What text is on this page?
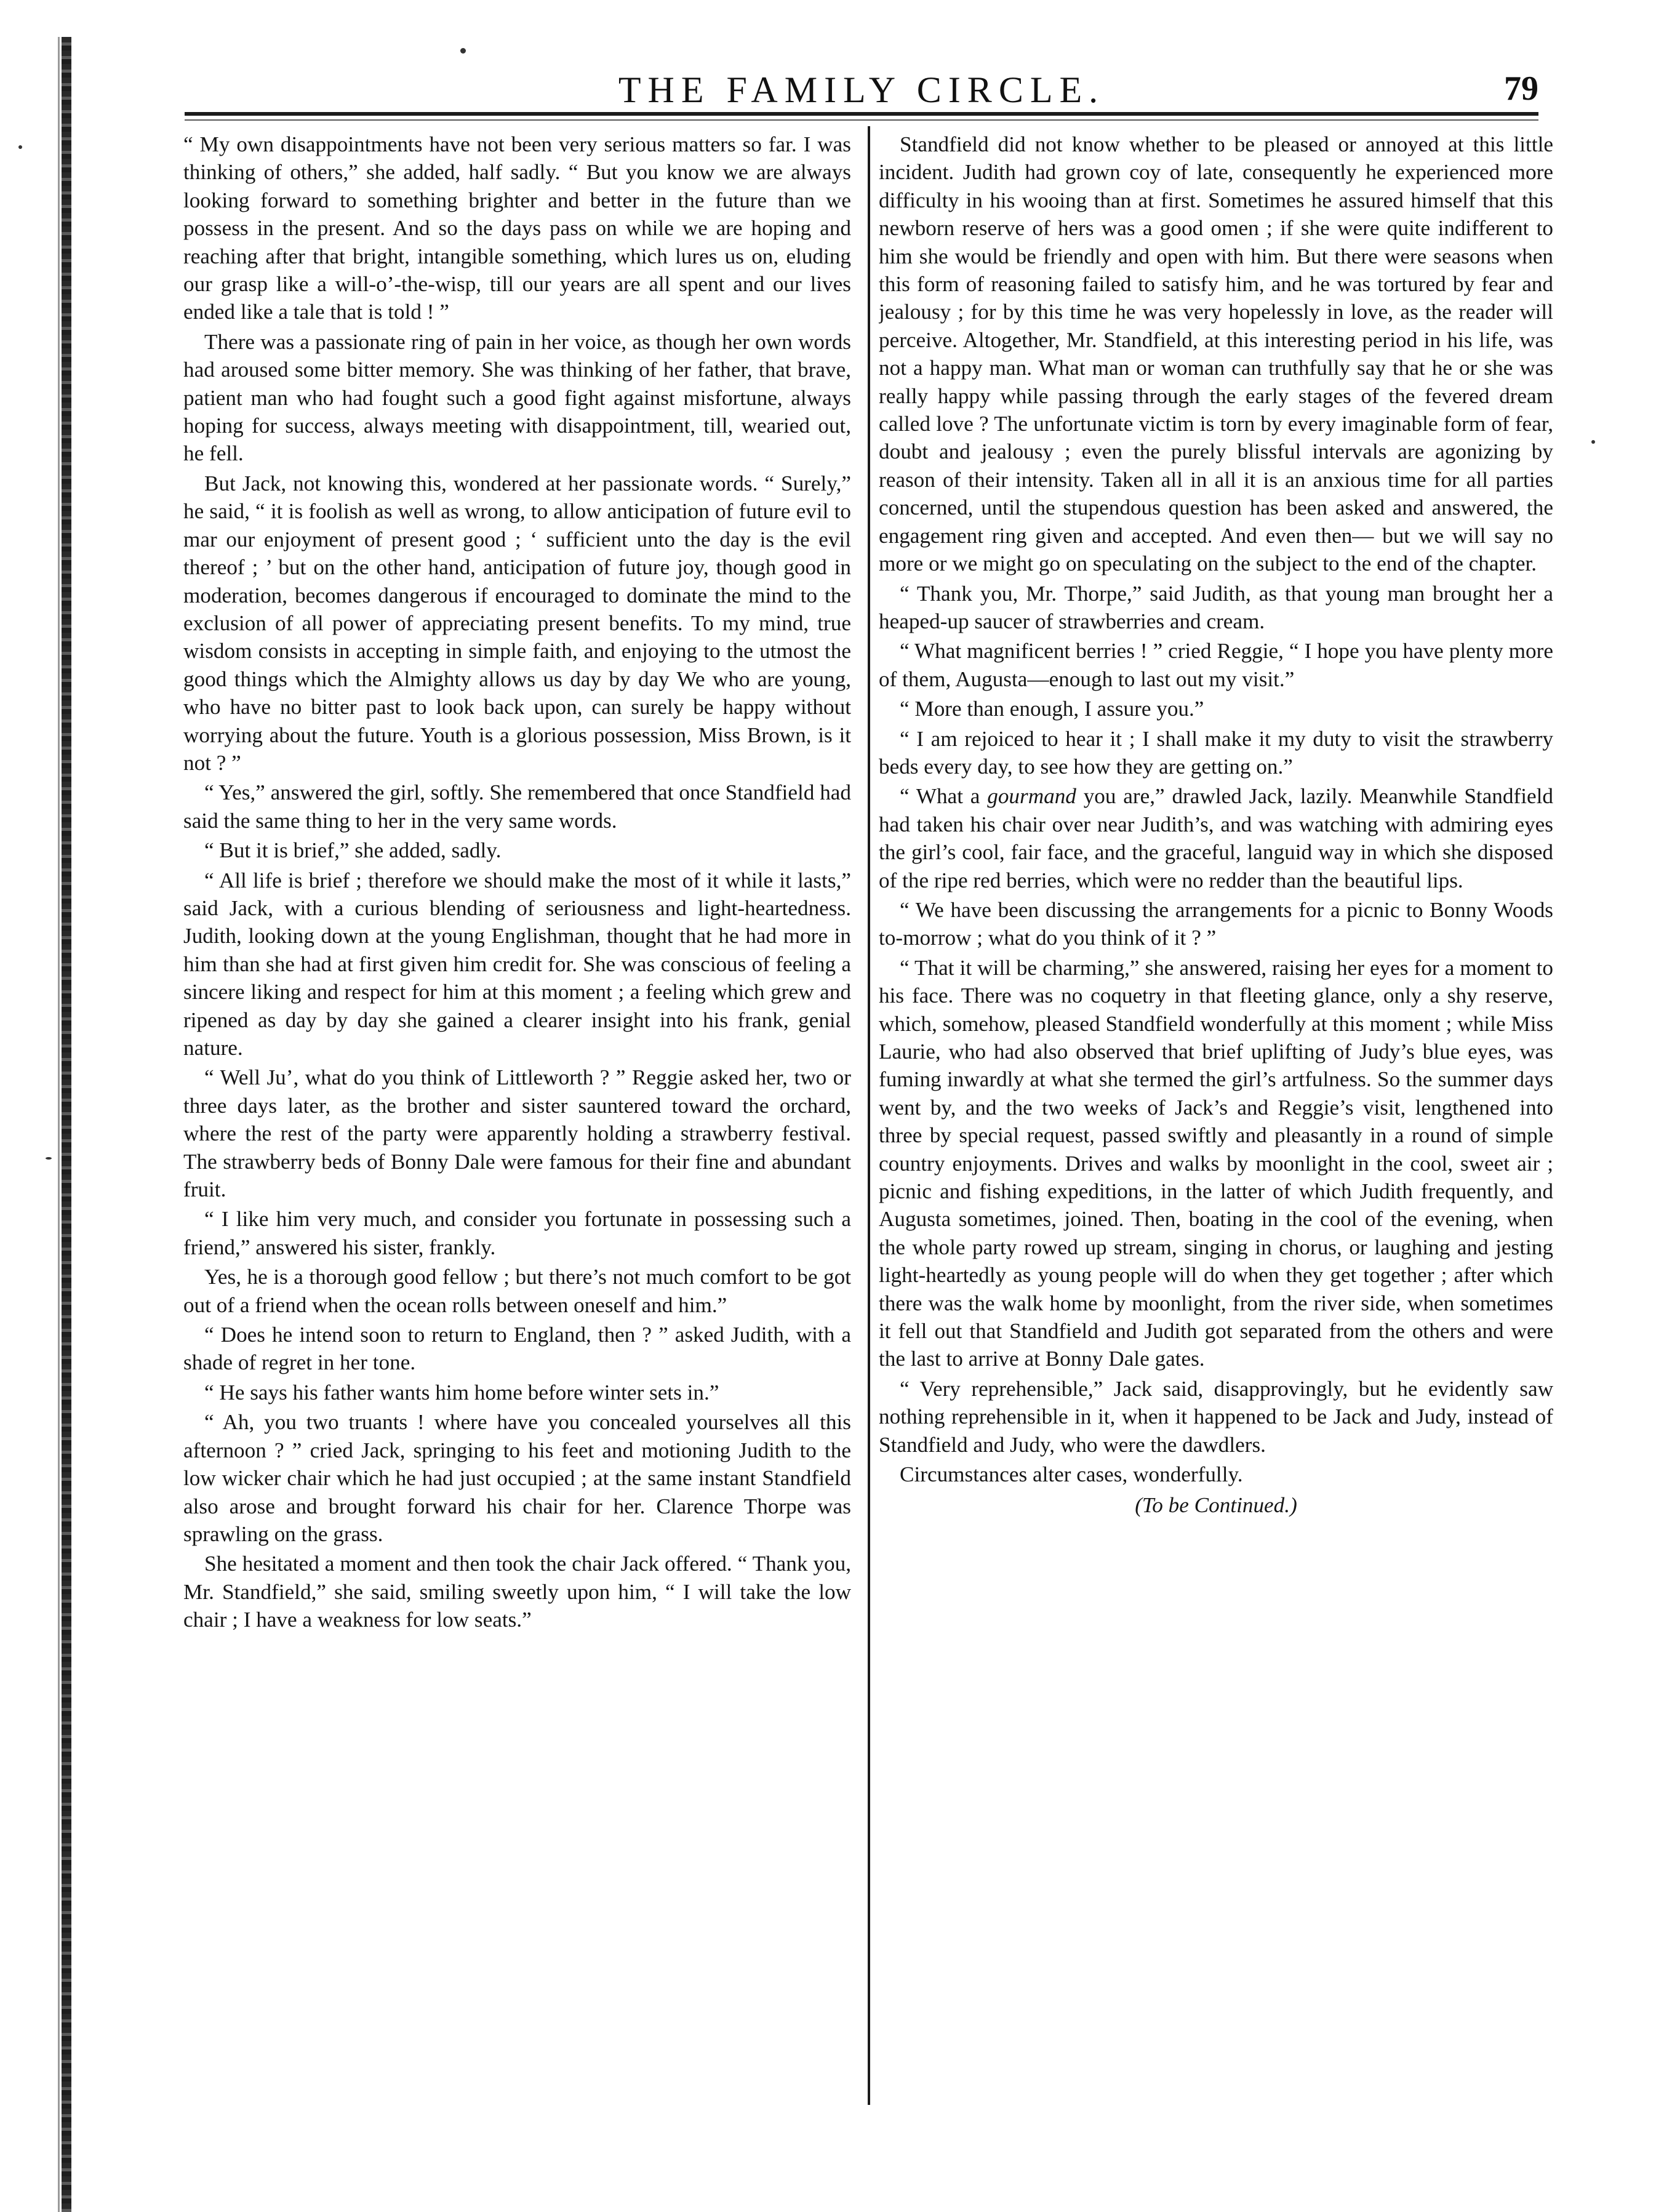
THE FAMILY CIRCLE.	79

“ My own disappointments have not been very serious matters so far. I was thinking of others,” she added, half sadly. “ But you know we are always looking forward to something brighter and better in the future than we possess in the present. And so the days pass on while we are hoping and reaching after that bright, intangible something, which lures us on, eluding our grasp like a will-o’-the-wisp, till our years are all spent and our lives ended like a tale that is told ! ”

There was a passionate ring of pain in her voice, as though her own words had aroused some bitter memory. She was thinking of her father, that brave, patient man who had fought such a good fight against misfortune, always hoping for success, always meeting with disappointment, till, wearied out, he fell.

But Jack, not knowing this, wondered at her passionate words. “ Surely,” he said, “ it is foolish as well as wrong, to allow anticipation of future evil to mar our enjoyment of present good ; ‘ sufficient unto the day is the evil thereof ; ’ but on the other hand, anticipation of future joy, though good in moderation, becomes dangerous if encouraged to dominate the mind to the exclusion of all power of appreciating present benefits. To my mind, true wisdom consists in accepting in simple faith, and enjoying to the utmost the good things which the Almighty allows us day by day We who are young, who have no bitter past to look back upon, can surely be happy without worrying about the future. Youth is a glorious possession, Miss Brown, is it not ? ”

“ Yes,” answered the girl, softly. She remembered that once Standfield had said the same thing to her in the very same words.

“ But it is brief,” she added, sadly.

“ All life is brief ; therefore we should make the most of it while it lasts,” said Jack, with a curious blending of seriousness and light-heartedness. Judith, looking down at the young Englishman, thought that he had more in him than she had at first given him credit for. She was conscious of feeling a sincere liking and respect for him at this moment ; a feeling which grew and ripened as day by day she gained a clearer insight into his frank, genial nature.

“ Well Ju’, what do you think of Littleworth ? ” Reggie asked her, two or three days later, as the brother and sister sauntered toward the orchard, where the rest of the party were apparently holding a strawberry festival. The strawberry beds of Bonny Dale were famous for their fine and abundant fruit.

“ I like him very much, and consider you fortunate in possessing such a friend,” answered his sister, frankly.

Yes, he is a thorough good fellow ; but there’s not much comfort to be got out of a friend when the ocean rolls between oneself and him.”

“ Does he intend soon to return to England, then ? ” asked Judith, with a shade of regret in her tone.

“ He says his father wants him home before winter sets in.”

“ Ah, you two truants ! where have you concealed yourselves all this afternoon ? ” cried Jack, springing to his feet and motioning Judith to the low wicker chair which he had just occupied ; at the same instant Standfield also arose and brought forward his chair for her. Clarence Thorpe was sprawling on the grass.

She hesitated a moment and then took the chair Jack offered. “ Thank you, Mr. Standfield,” she said, smiling sweetly upon him, “ I will take the low chair ; I have a weakness for low seats.”

Standfield did not know whether to be pleased or annoyed at this little incident. Judith had grown coy of late, consequently he experienced more difficulty in his wooing than at first. Sometimes he assured himself that this newborn reserve of hers was a good omen ; if she were quite indifferent to him she would be friendly and open with him. But there were seasons when this form of reasoning failed to satisfy him, and he was tortured by fear and jealousy ; for by this time he was very hopelessly in love, as the reader will perceive. Altogether, Mr. Standfield, at this interesting period in his life, was not a happy man. What man or woman can truthfully say that he or she was really happy while passing through the early stages of the fevered dream called love ? The unfortunate victim is torn by every imaginable form of fear, doubt and jealousy ; even the purely blissful intervals are agonizing by reason of their intensity. Taken all in all it is an anxious time for all parties concerned, until the stupendous question has been asked and answered, the engagement ring given and accepted. And even then— but we will say no more or we might go on speculating on the subject to the end of the chapter.

“ Thank you, Mr. Thorpe,” said Judith, as that young man brought her a heaped-up saucer of strawberries and cream.

“ What magnificent berries ! ” cried Reggie, “ I hope you have plenty more of them, Augusta—enough to last out my visit.”

“ More than enough, I assure you.”

“ I am rejoiced to hear it ; I shall make it my duty to visit the strawberry beds every day, to see how they are getting on.”

“ What a gourmand you are,” drawled Jack, lazily. Meanwhile Standfield had taken his chair over near Judith’s, and was watching with admiring eyes the girl’s cool, fair face, and the graceful, languid way in which she disposed of the ripe red berries, which were no redder than the beautiful lips.

“ We have been discussing the arrangements for a picnic to Bonny Woods to-morrow ; what do you think of it ? ”

“ That it will be charming,” she answered, raising her eyes for a moment to his face. There was no coquetry in that fleeting glance, only a shy reserve, which, somehow, pleased Standfield wonderfully at this moment ; while Miss Laurie, who had also observed that brief uplifting of Judy’s blue eyes, was fuming inwardly at what she termed the girl’s artfulness. So the summer days went by, and the two weeks of Jack’s and Reggie’s visit, lengthened into three by special request, passed swiftly and pleasantly in a round of simple country enjoyments. Drives and walks by moonlight in the cool, sweet air ; picnic and fishing expeditions, in the latter of which Judith frequently, and Augusta sometimes, joined. Then, boating in the cool of the evening, when the whole party rowed up stream, singing in chorus, or laughing and jesting light-heartedly as young people will do when they get together ; after which there was the walk home by moonlight, from the river side, when sometimes it fell out that Standfield and Judith got separated from the others and were the last to arrive at Bonny Dale gates.

“ Very reprehensible,” Jack said, disapprovingly, but he evidently saw nothing reprehensible in it, when it happened to be Jack and Judy, instead of Standfield and Judy, who were the dawdlers.

Circumstances alter cases, wonderfully.

(To be Continued.)
